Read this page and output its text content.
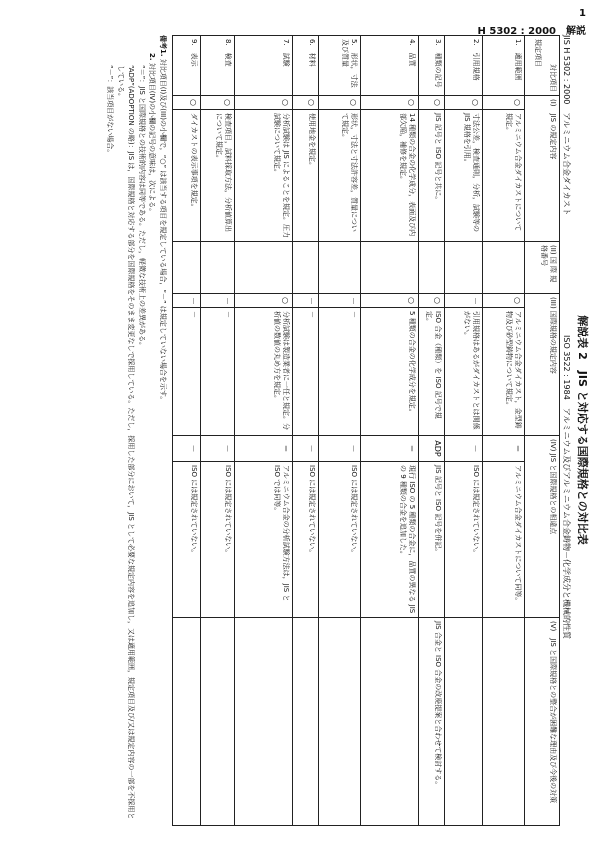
1
H 5302 : 2000　解説
解説表 2　JIS と対応する国際規格との対比表
JIS H 5302 : 2000　アルミニウム合金ダイカスト
ISO 3522 : 1984　アルミニウム及びアルミニウム合金鋳物－化学成分と機械的性質
対比項目
規定項目	(I)　JIS の規定内容		(II) 国 際 規 格番号	(III) 国際規格の規定内容		(IV) JIS と国際規格との相違点		(V)　JIS と国際規格との整合が困難な理由及び今後の対策
1.　適用範囲	○	アルミニウム合金ダイカストについて規定。		○	アルミニウム合金ダイカスト，金型鋳物及び砂型鋳物について規定。	＝	アルミニウム合金ダイカストについて同等。	
2.　引用規格	○	寸法公差，検査通則，分析，試験等の JIS 規格を引用。		－	引用規格はあるがダイカストとは関係がない。	－	ISO には規定されていない。	
3.　種類の記号	○	JIS 記号と ISO 記号と共に。		○	ISO 合金（種類）を ISO 記号で規定。	ADP	JIS 記号と ISO 記号を併記。	JIS 合金と ISO 合金の改廃提案と合わせて検討する。
4.　品質	○	14 種類の合金の化学成分，表面及び内部欠陥，補修を規定。		○	5 種類の合金の化学成分を規定。	＝	現行 ISO の 5 種類の合金に，品質の異なる JIS の 9 種類の合金を追加した。	
5.　形状，寸法及び質量	○	形状，寸法と寸法許容差，質量について規定。		－	－	－	ISO には規定されていない。	
6.　材料	○	使用地金を規定。		－	－	－	ISO には規定されていない。	
7.　試験	○	分析試験は JIS によることを規定。圧力試験について規定。		○	分析試験は製造業者に一任と規定。分析値の数値の丸め方を規定。	＝	アルミニウム合金の分析試験方法は，JIS と ISO では同等。	
8.　検査	○	検査項目，試料採取方法，分析値算出について規定。		－	－	－	ISO には規定されていない。	
9.　表示	○	ダイカストの表示事項を規定。		－	－	－	ISO には規定されていない。	
備考1. 対比項目(I)及び(III)の小欄で，“○” は該当する項目を規定している場合，“－” は規定していない場合を示す。
2. 対比項目(IV)の小欄の記号の意味は，次による。
“＝”：JIS と国際規格との技術的内容は同等である。ただし，軽微な技術上の差異がある。
“ADP”(ADOPTION の略)：JIS は，国際規格と対応する部分を国際規格をそのまま変更なしで採用している。ただし，採用した部分において，JIS として必要な規定内容を追加し，又は適用範囲，規定項目及び/又は規定内容の一部を不採用としている。
“－”：該当項目がない場合。
